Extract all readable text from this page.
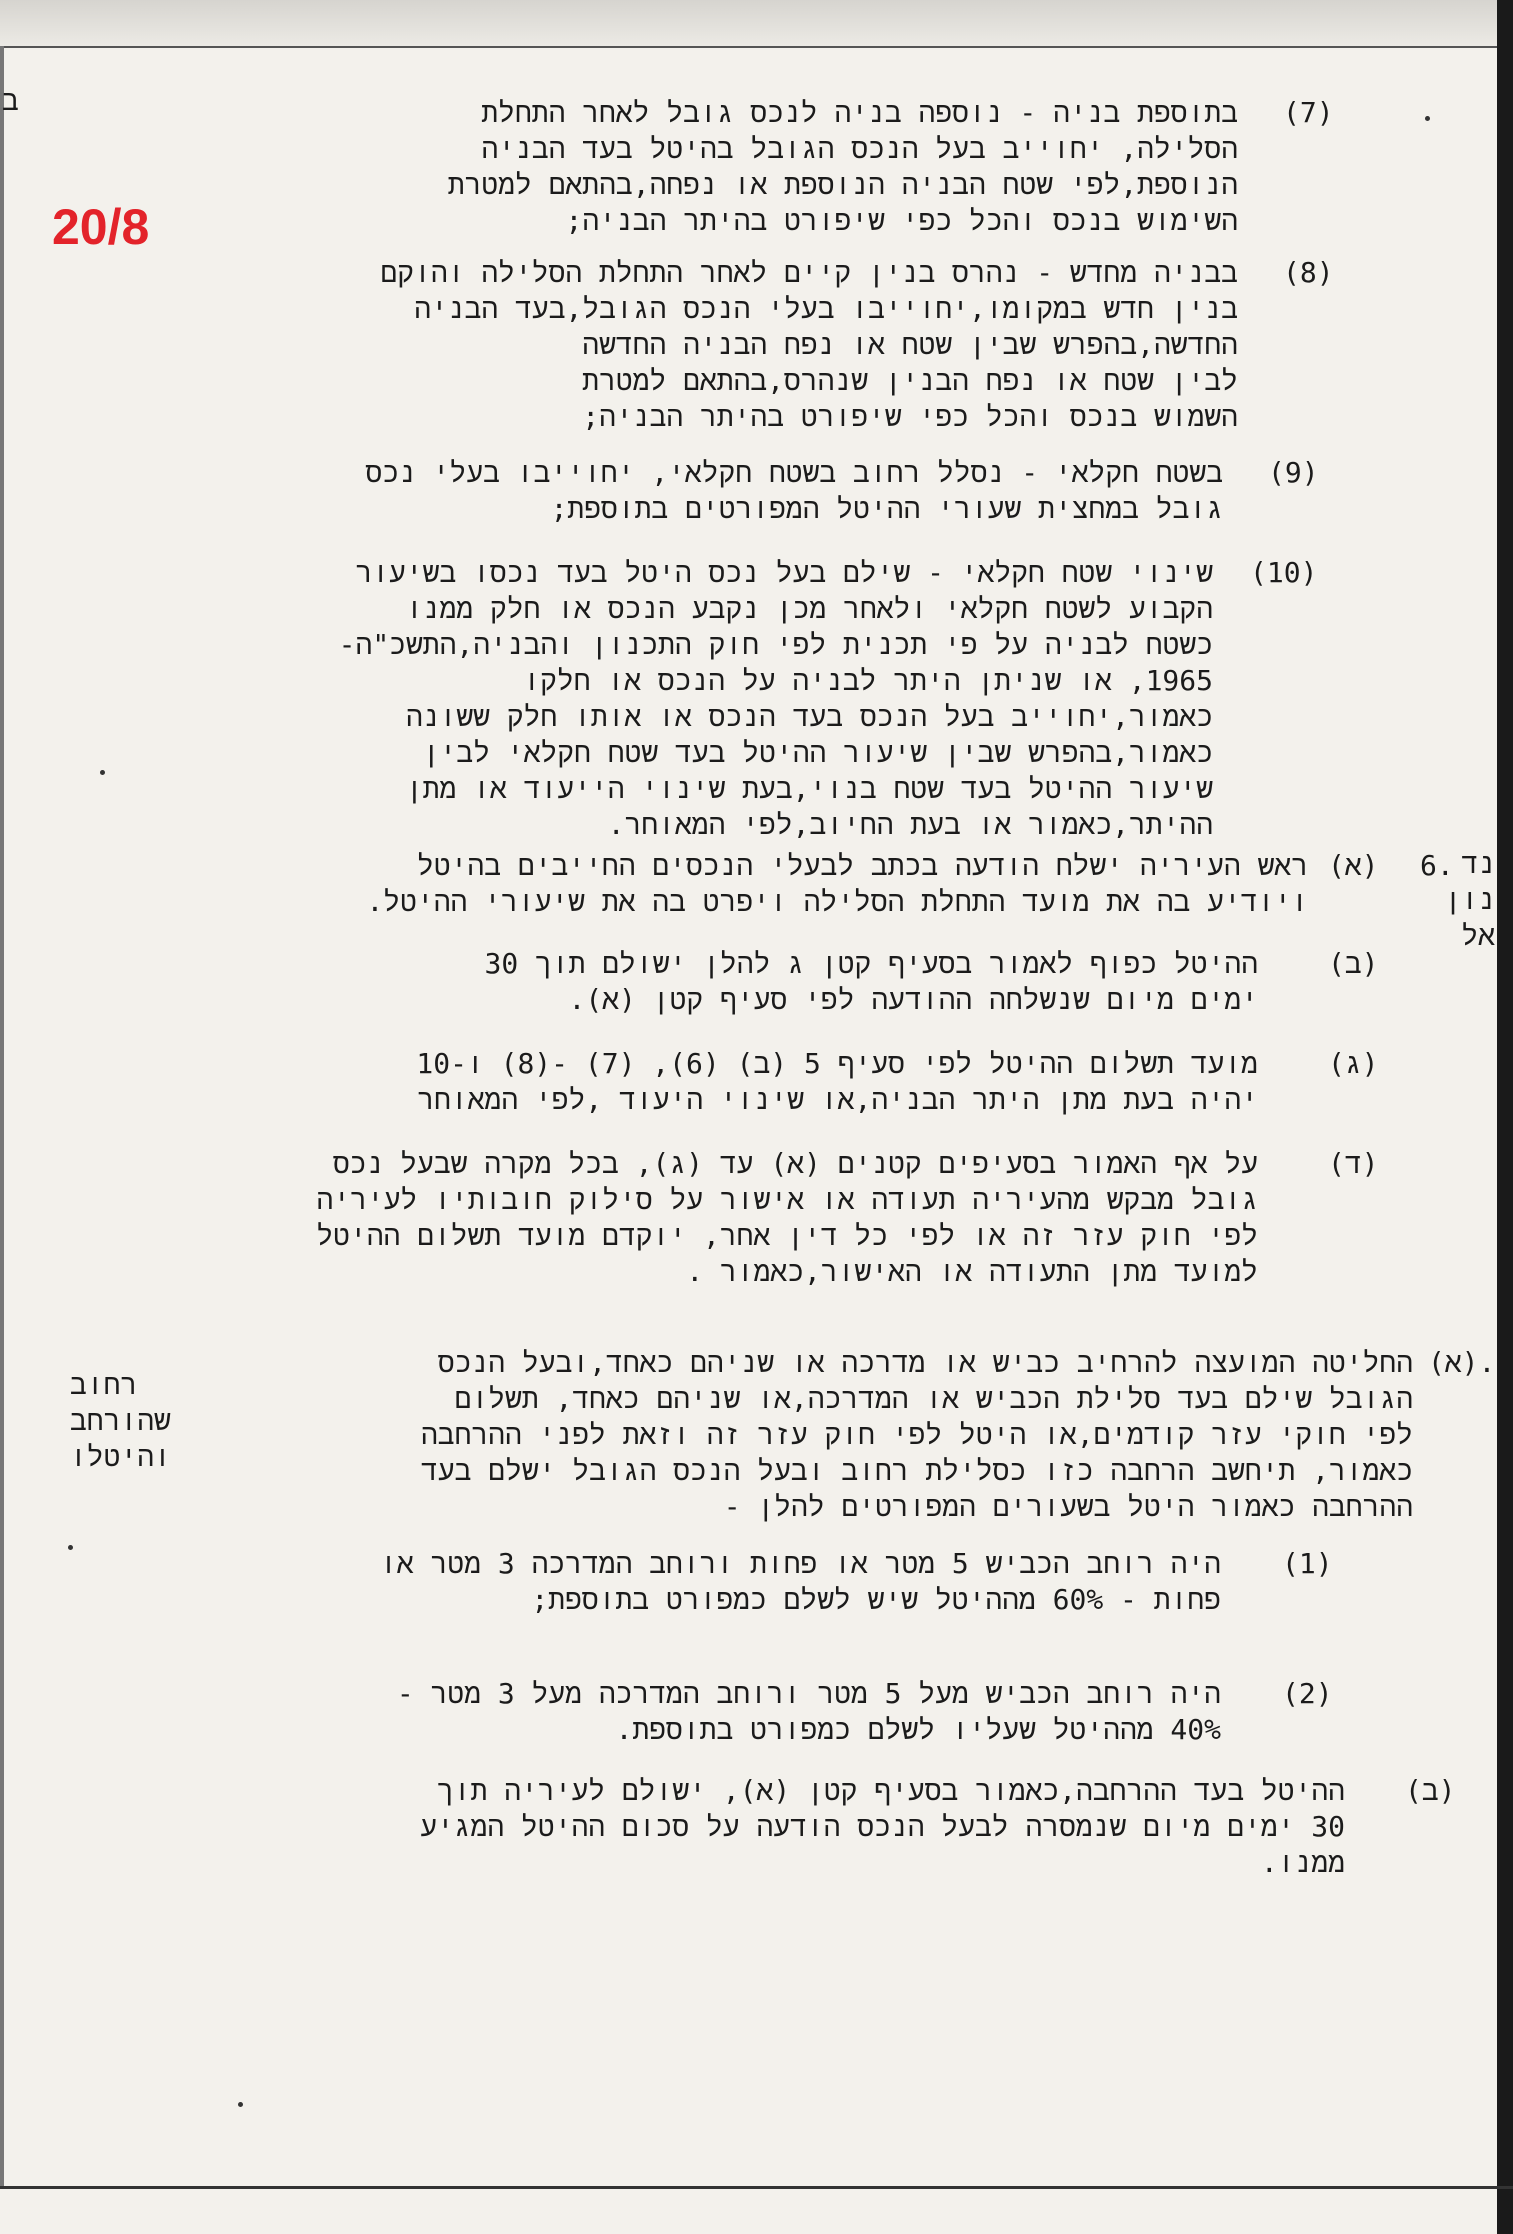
ב
20/8
נד
נון
אל
(7)
בתוספת בניה - נוספה בניה לנכס גובל לאחר התחלת
הסלילה, יחוייב בעל הנכס הגובל בהיטל בעד הבניה
הנוספת,לפי שטח הבניה הנוספת או נפחה,בהתאם למטרת
השימוש בנכס והכל כפי שיפורט בהיתר הבניה;
(8)
בבניה מחדש - נהרס בנין קיים לאחר התחלת הסלילה והוקם
בנין חדש במקומו,יחוייבו בעלי הנכס הגובל,בעד הבניה
החדשה,בהפרש שבין שטח או נפח הבניה החדשה
לבין שטח או נפח הבנין שנהרס,בהתאם למטרת
השמוש בנכס והכל כפי שיפורט בהיתר הבניה;
(9)
בשטח חקלאי - נסלל רחוב בשטח חקלאי, יחוייבו בעלי נכס
גובל במחצית שעורי ההיטל המפורטים בתוספת;
(10)
שינוי שטח חקלאי - שילם בעל נכס היטל בעד נכסו בשיעור
הקבוע לשטח חקלאי ולאחר מכן נקבע הנכס או חלק ממנו
כשטח לבניה על פי תכנית לפי חוק התכנון והבניה,התשכ"ה-
1965, או שניתן היתר לבניה על הנכס או חלקו
כאמור,יחוייב בעל הנכס בעד הנכס או אותו חלק ששונה
כאמור,בהפרש שבין שיעור ההיטל בעד שטח חקלאי לבין
שיעור ההיטל בעד שטח בנוי,בעת שינוי הייעוד או מתן
ההיתר,כאמור או בעת החיוב,לפי המאוחר.
6.
(א)
ראש העיריה ישלח הודעה בכתב לבעלי הנכסים החייבים בהיטל
ויודיע בה את מועד התחלת הסלילה ויפרט בה את שיעורי ההיטל.
(ב)
ההיטל כפוף לאמור בסעיף קטן ג להלן ישולם תוך 30
ימים מיום שנשלחה ההודעה לפי סעיף קטן (א).
(ג)
מועד תשלום ההיטל לפי סעיף 5 (ב) (6), (7) -(8) ו-10
יהיה בעת מתן היתר הבניה,או שינוי היעוד ,לפי המאוחר
(ד)
על אף האמור בסעיפים קטנים (א) עד (ג), בכל מקרה שבעל נכס
גובל מבקש מהעיריה תעודה או אישור על סילוק חובותיו לעיריה
לפי חוק עזר זה או לפי כל דין אחר, יוקדם מועד תשלום ההיטל
למועד מתן התעודה או האישור,כאמור .
(א).
החליטה המועצה להרחיב כביש או מדרכה או שניהם כאחד,ובעל הנכס
הגובל שילם בעד סלילת הכביש או המדרכה,או שניהם כאחד, תשלום
לפי חוקי עזר קודמים,או היטל לפי חוק עזר זה וזאת לפני ההרחבה
כאמור, תיחשב הרחבה כזו כסלילת רחוב ובעל הנכס הגובל ישלם בעד
ההרחבה כאמור היטל בשעורים המפורטים להלן -
רחוב
שהורחב
והיטלו
(1)
היה רוחב הכביש 5 מטר או פחות ורוחב המדרכה 3 מטר או
פחות - 60% מההיטל שיש לשלם כמפורט בתוספת;
(2)
היה רוחב הכביש מעל 5 מטר ורוחב המדרכה מעל 3 מטר -
40% מההיטל שעליו לשלם כמפורט בתוספת.
(ב)
ההיטל בעד ההרחבה,כאמור בסעיף קטן (א), ישולם לעיריה תוך
30 ימים מיום שנמסרה לבעל הנכס הודעה על סכום ההיטל המגיע
ממנו.
